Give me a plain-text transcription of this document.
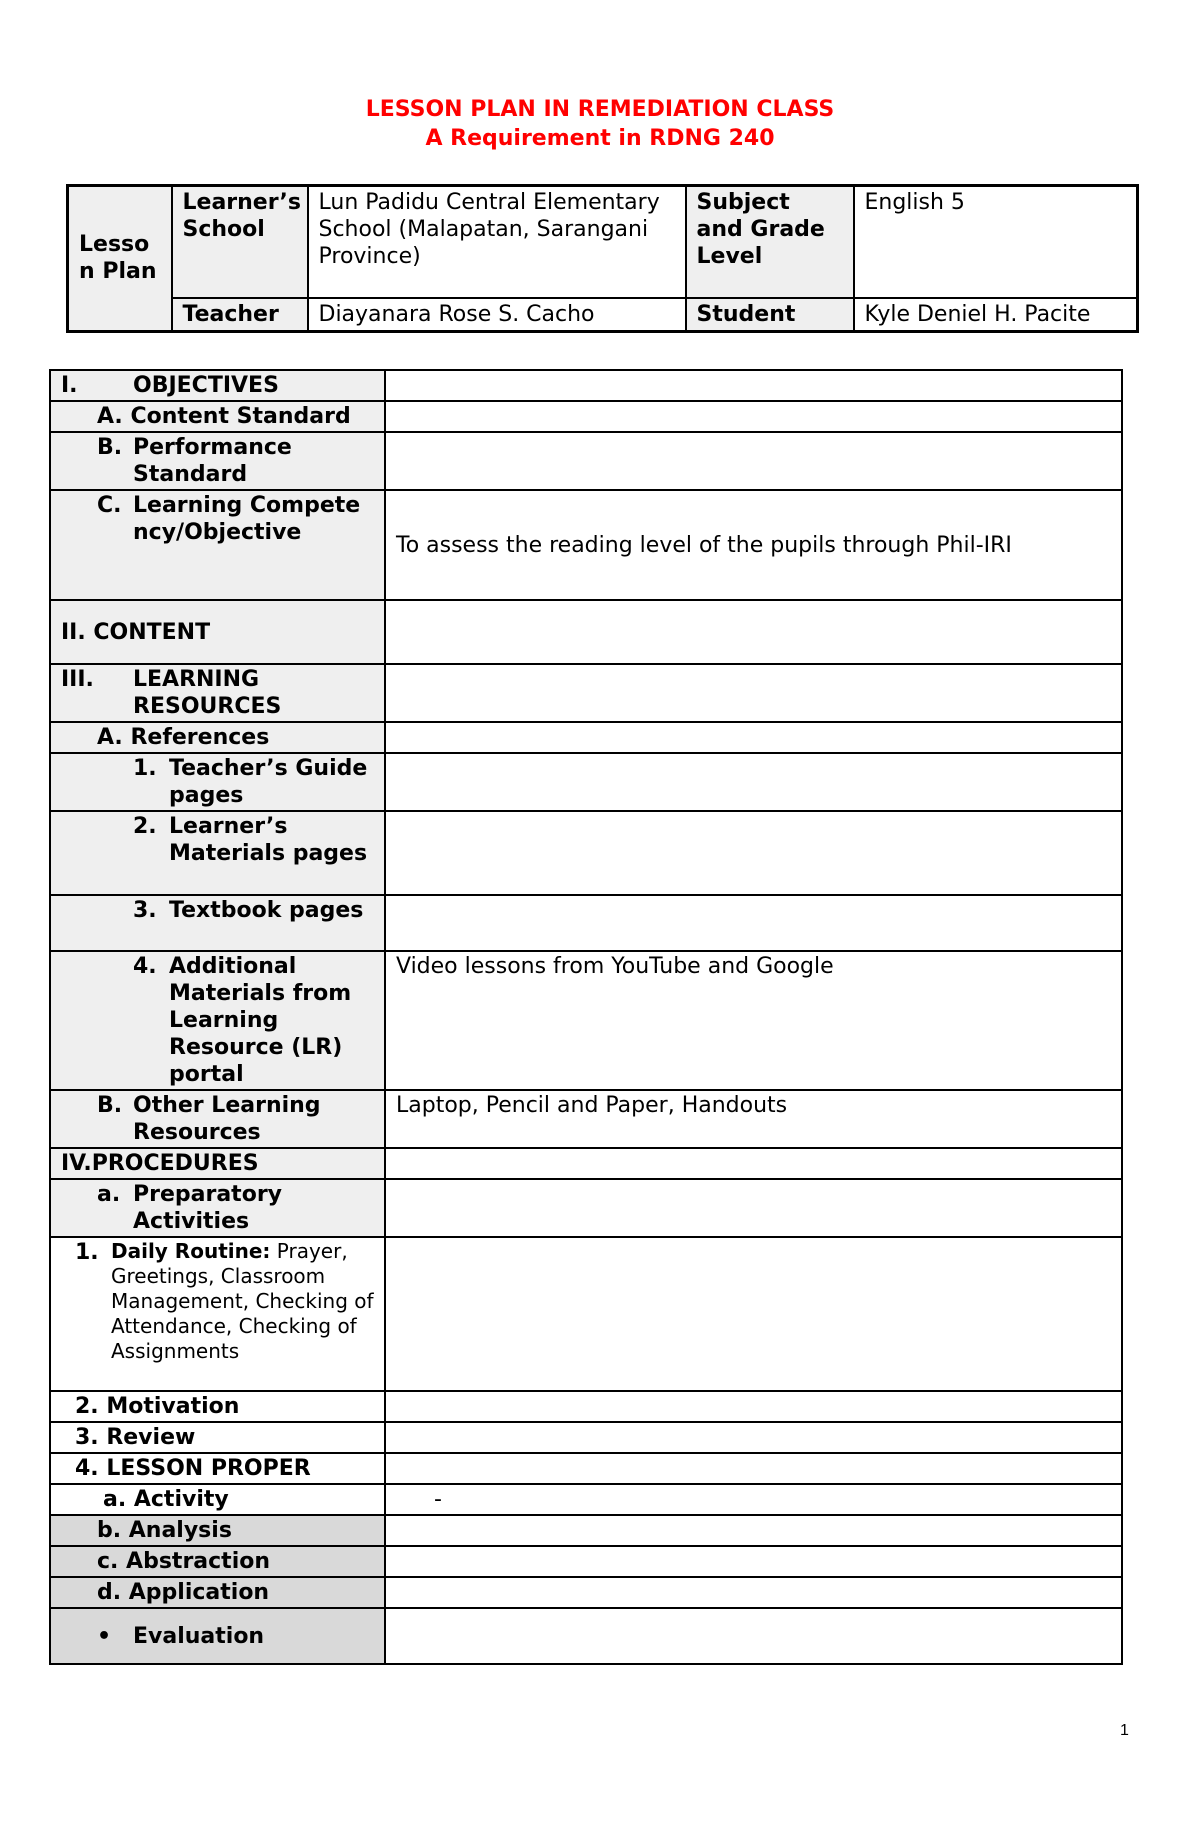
LESSON PLAN IN REMEDIATION CLASS
A Requirement in RDNG 240
Lesso n Plan	Learner’s School	Lun Padidu Central Elementary School (Malapatan, Sarangani Province)	Subject and Grade Level	English 5
	Teacher	Diayanara Rose S. Cacho	Student	Kyle Deniel H. Pacite
I. OBJECTIVES	

A. Content Standard	

B. Performance Standard	

C. Learning Competency/Objective	To assess the reading level of the pupils through Phil-IRI
II. CONTENT	

III. LEARNING RESOURCES	

A. References	

1. Teacher’s Guide pages	

2. Learner’s Materials pages	

3. Textbook pages	

4. Additional Materials from Learning Resource (LR) portal	Video lessons from YouTube and Google

B. Other Learning Resources	Laptop, Pencil and Paper, Handouts
IV.PROCEDURES	

a. Preparatory Activities	

1. Daily Routine: Prayer, Greetings, Classroom Management, Checking of Attendance, Checking of Assignments	

2. Motivation	
3. Review	
4. LESSON PROPER	
a. Activity	-
b. Analysis	
c. Abstraction	
d. Application	

• Evaluation	

1
